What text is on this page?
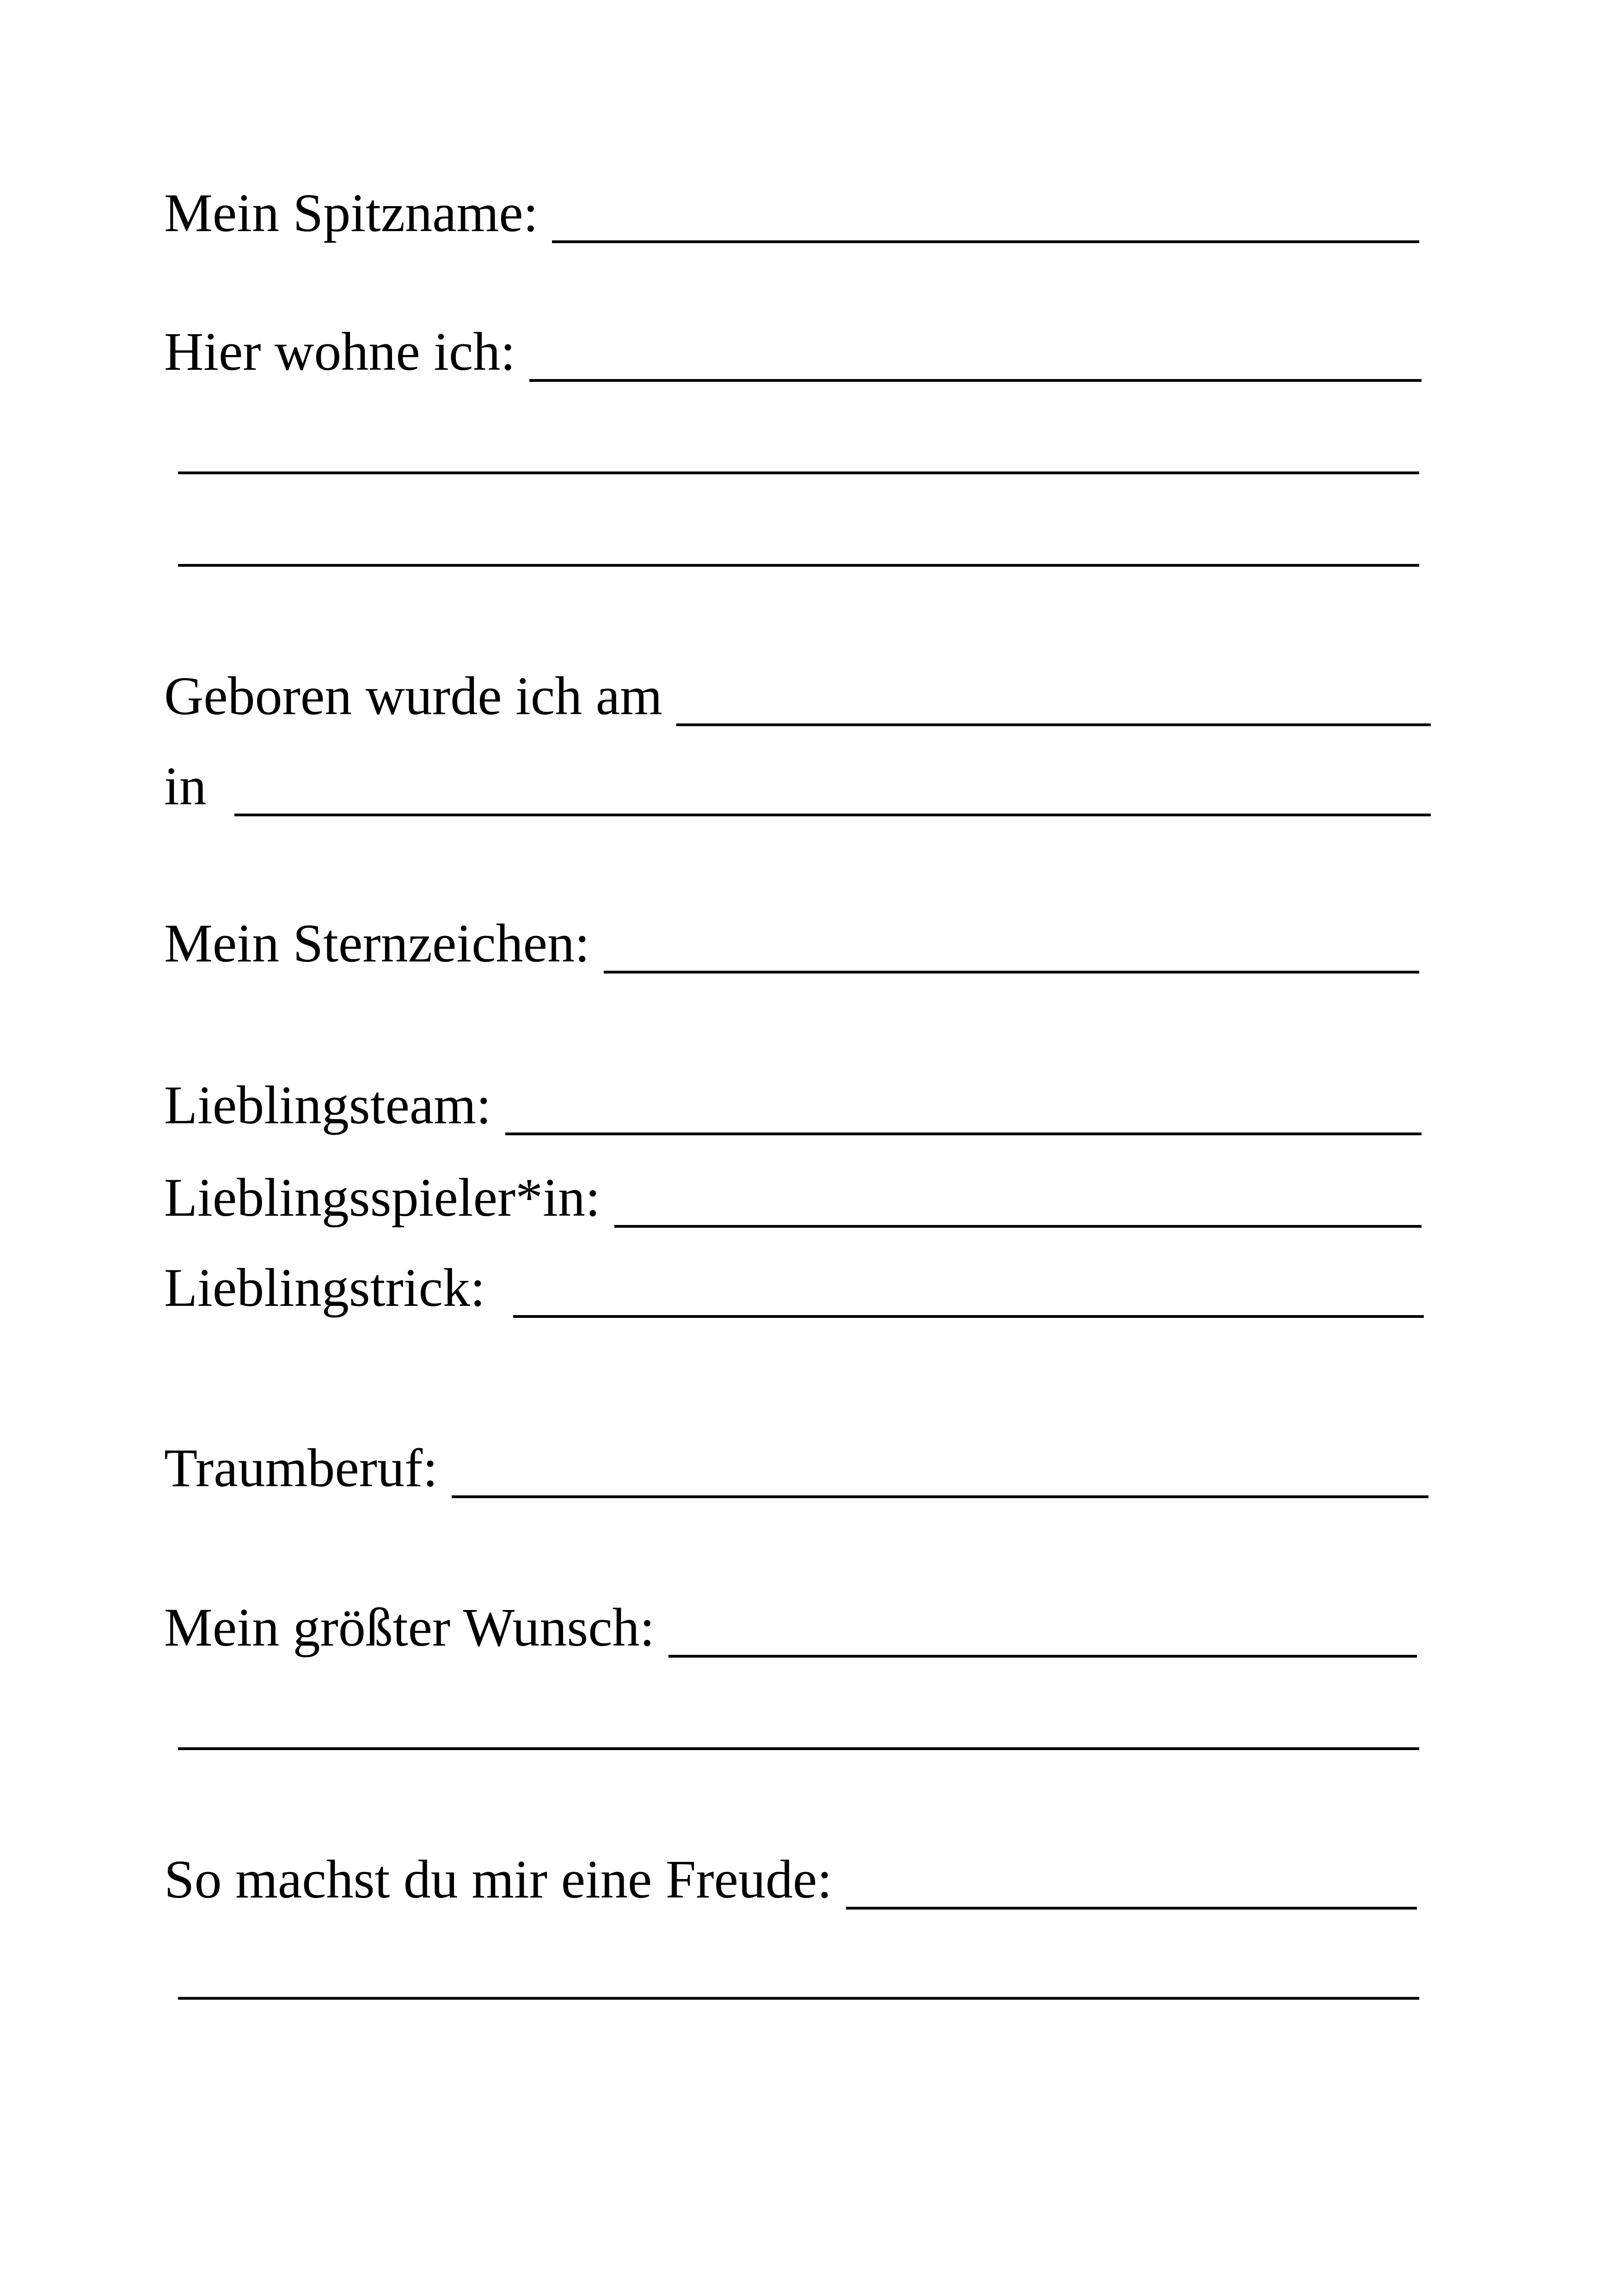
Mein Spitzname:
Hier wohne ich:
Geboren wurde ich am
in
Mein Sternzeichen:
Lieblingsteam:
Lieblingsspieler*in:
Lieblingstrick:
Traumberuf:
Mein größter Wunsch:
So machst du mir eine Freude:
